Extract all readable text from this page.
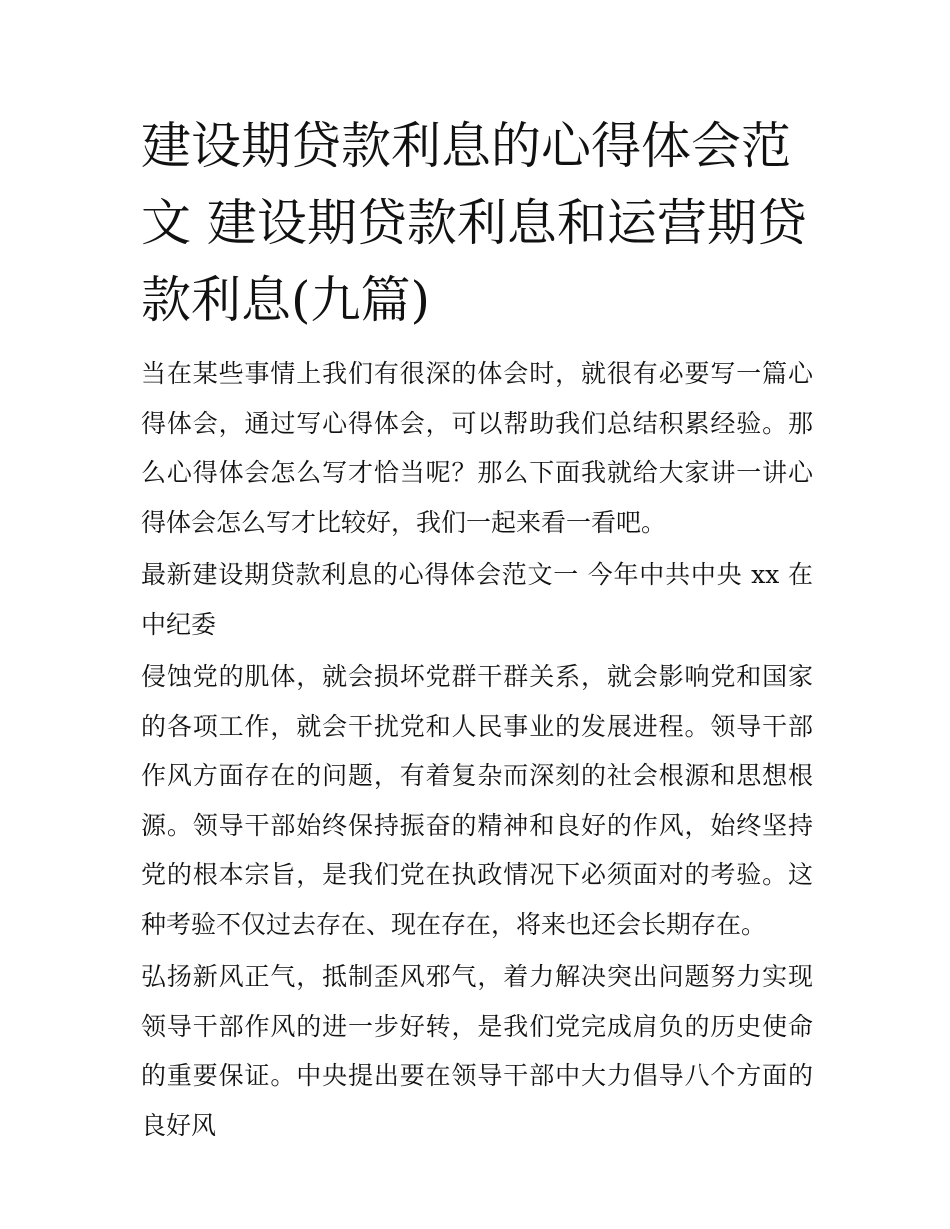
建设期贷款利息的心得体会范
文 建设期贷款利息和运营期贷
款利息(九篇)

当在某些事情上我们有很深的体会时，就很有必要写一篇心得体会，通过写心得体会，可以帮助我们总结积累经验。那么心得体会怎么写才恰当呢？那么下面我就给大家讲一讲心得体会怎么写才比较好，我们一起来看一看吧。

最新建设期贷款利息的心得体会范文一 今年中共中央 xx 在中纪委

侵蚀党的肌体，就会损坏党群干群关系，就会影响党和国家的各项工作，就会干扰党和人民事业的发展进程。领导干部作风方面存在的问题，有着复杂而深刻的社会根源和思想根源。领导干部始终保持振奋的精神和良好的作风，始终坚持党的根本宗旨，是我们党在执政情况下必须面对的考验。这种考验不仅过去存在、现在存在，将来也还会长期存在。

弘扬新风正气，抵制歪风邪气，着力解决突出问题努力实现领导干部作风的进一步好转，是我们党完成肩负的历史使命的重要保证。中央提出要在领导干部中大力倡导八个方面的良好风
